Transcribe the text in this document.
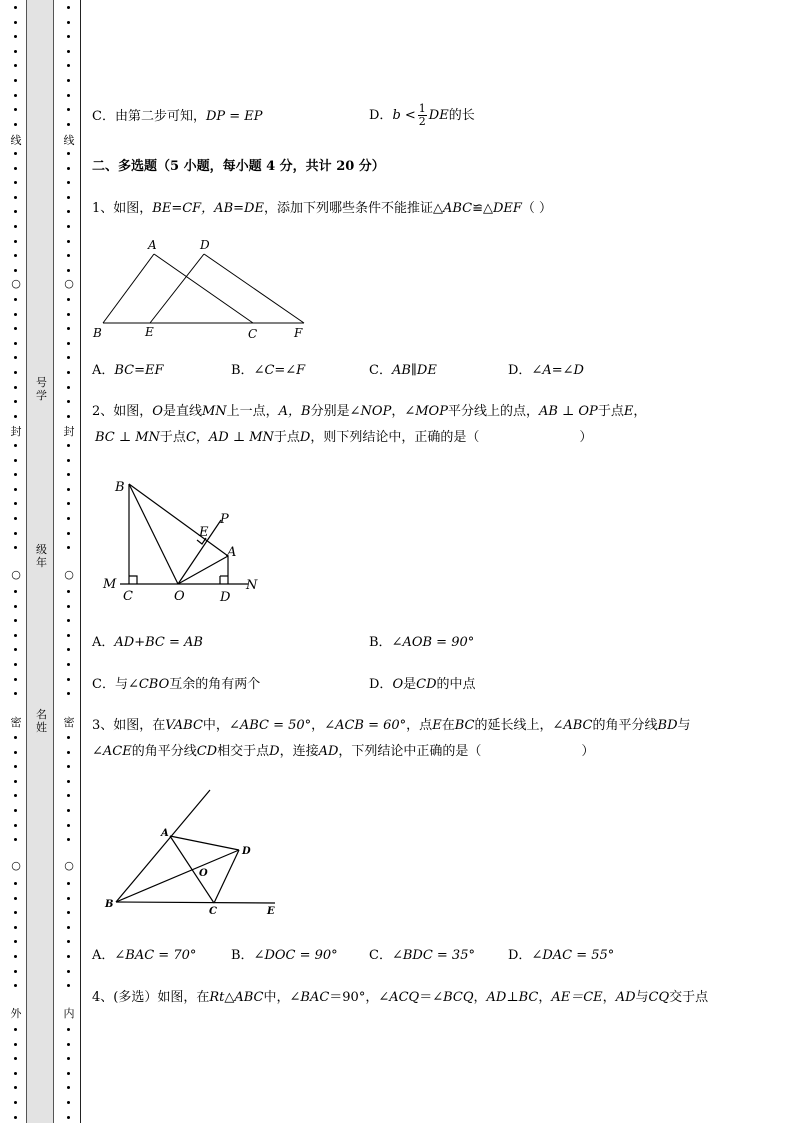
线
○
封
○
密
○
外
线
○
封
○
密
○
内
号学
级年
名姓
C．由第二步可知，DP = EP	D．$b < \frac{1}{2}$ DE的长
二、多选题（5 小题，每小题 4 分，共计 20 分）
1、如图，BE=CF，AB=DE，添加下列哪些条件不能推证△ABC≌△DEF（ ）
A	D
B	E	C	F
A．BC=EF	B．∠C=∠F	C．AB∥DE	D．∠A=∠D
2、如图，O是直线MN上一点，A，B分别是∠NOP，∠MOP平分线上的点，AB ⊥ OP于点E，
BC ⊥ MN于点C，AD ⊥ MN于点D，则下列结论中，正确的是（	）
B
E
P
A
M
C	O	D
N
A．AD+BC = AB	B．∠AOB = 90°
C．与∠CBO互余的角有两个	D．O是CD的中点
3、如图，在VABC中，∠ABC = 50°，∠ACB = 60°，点E在BC的延长线上，∠ABC的角平分线BD与
∠ACE的角平分线CD相交于点D，连接AD，下列结论中正确的是（	）
A
D
O
B
C	E
A．∠BAC = 70°	B．∠DOC = 90° C．∠BDC = 35°	D．∠DAC = 55°
4、(多选）如图，在Rt△ABC中，∠BAC＝90°，∠ACQ＝∠BCQ，AD⊥BC，AE＝CE，AD与CQ交于点
